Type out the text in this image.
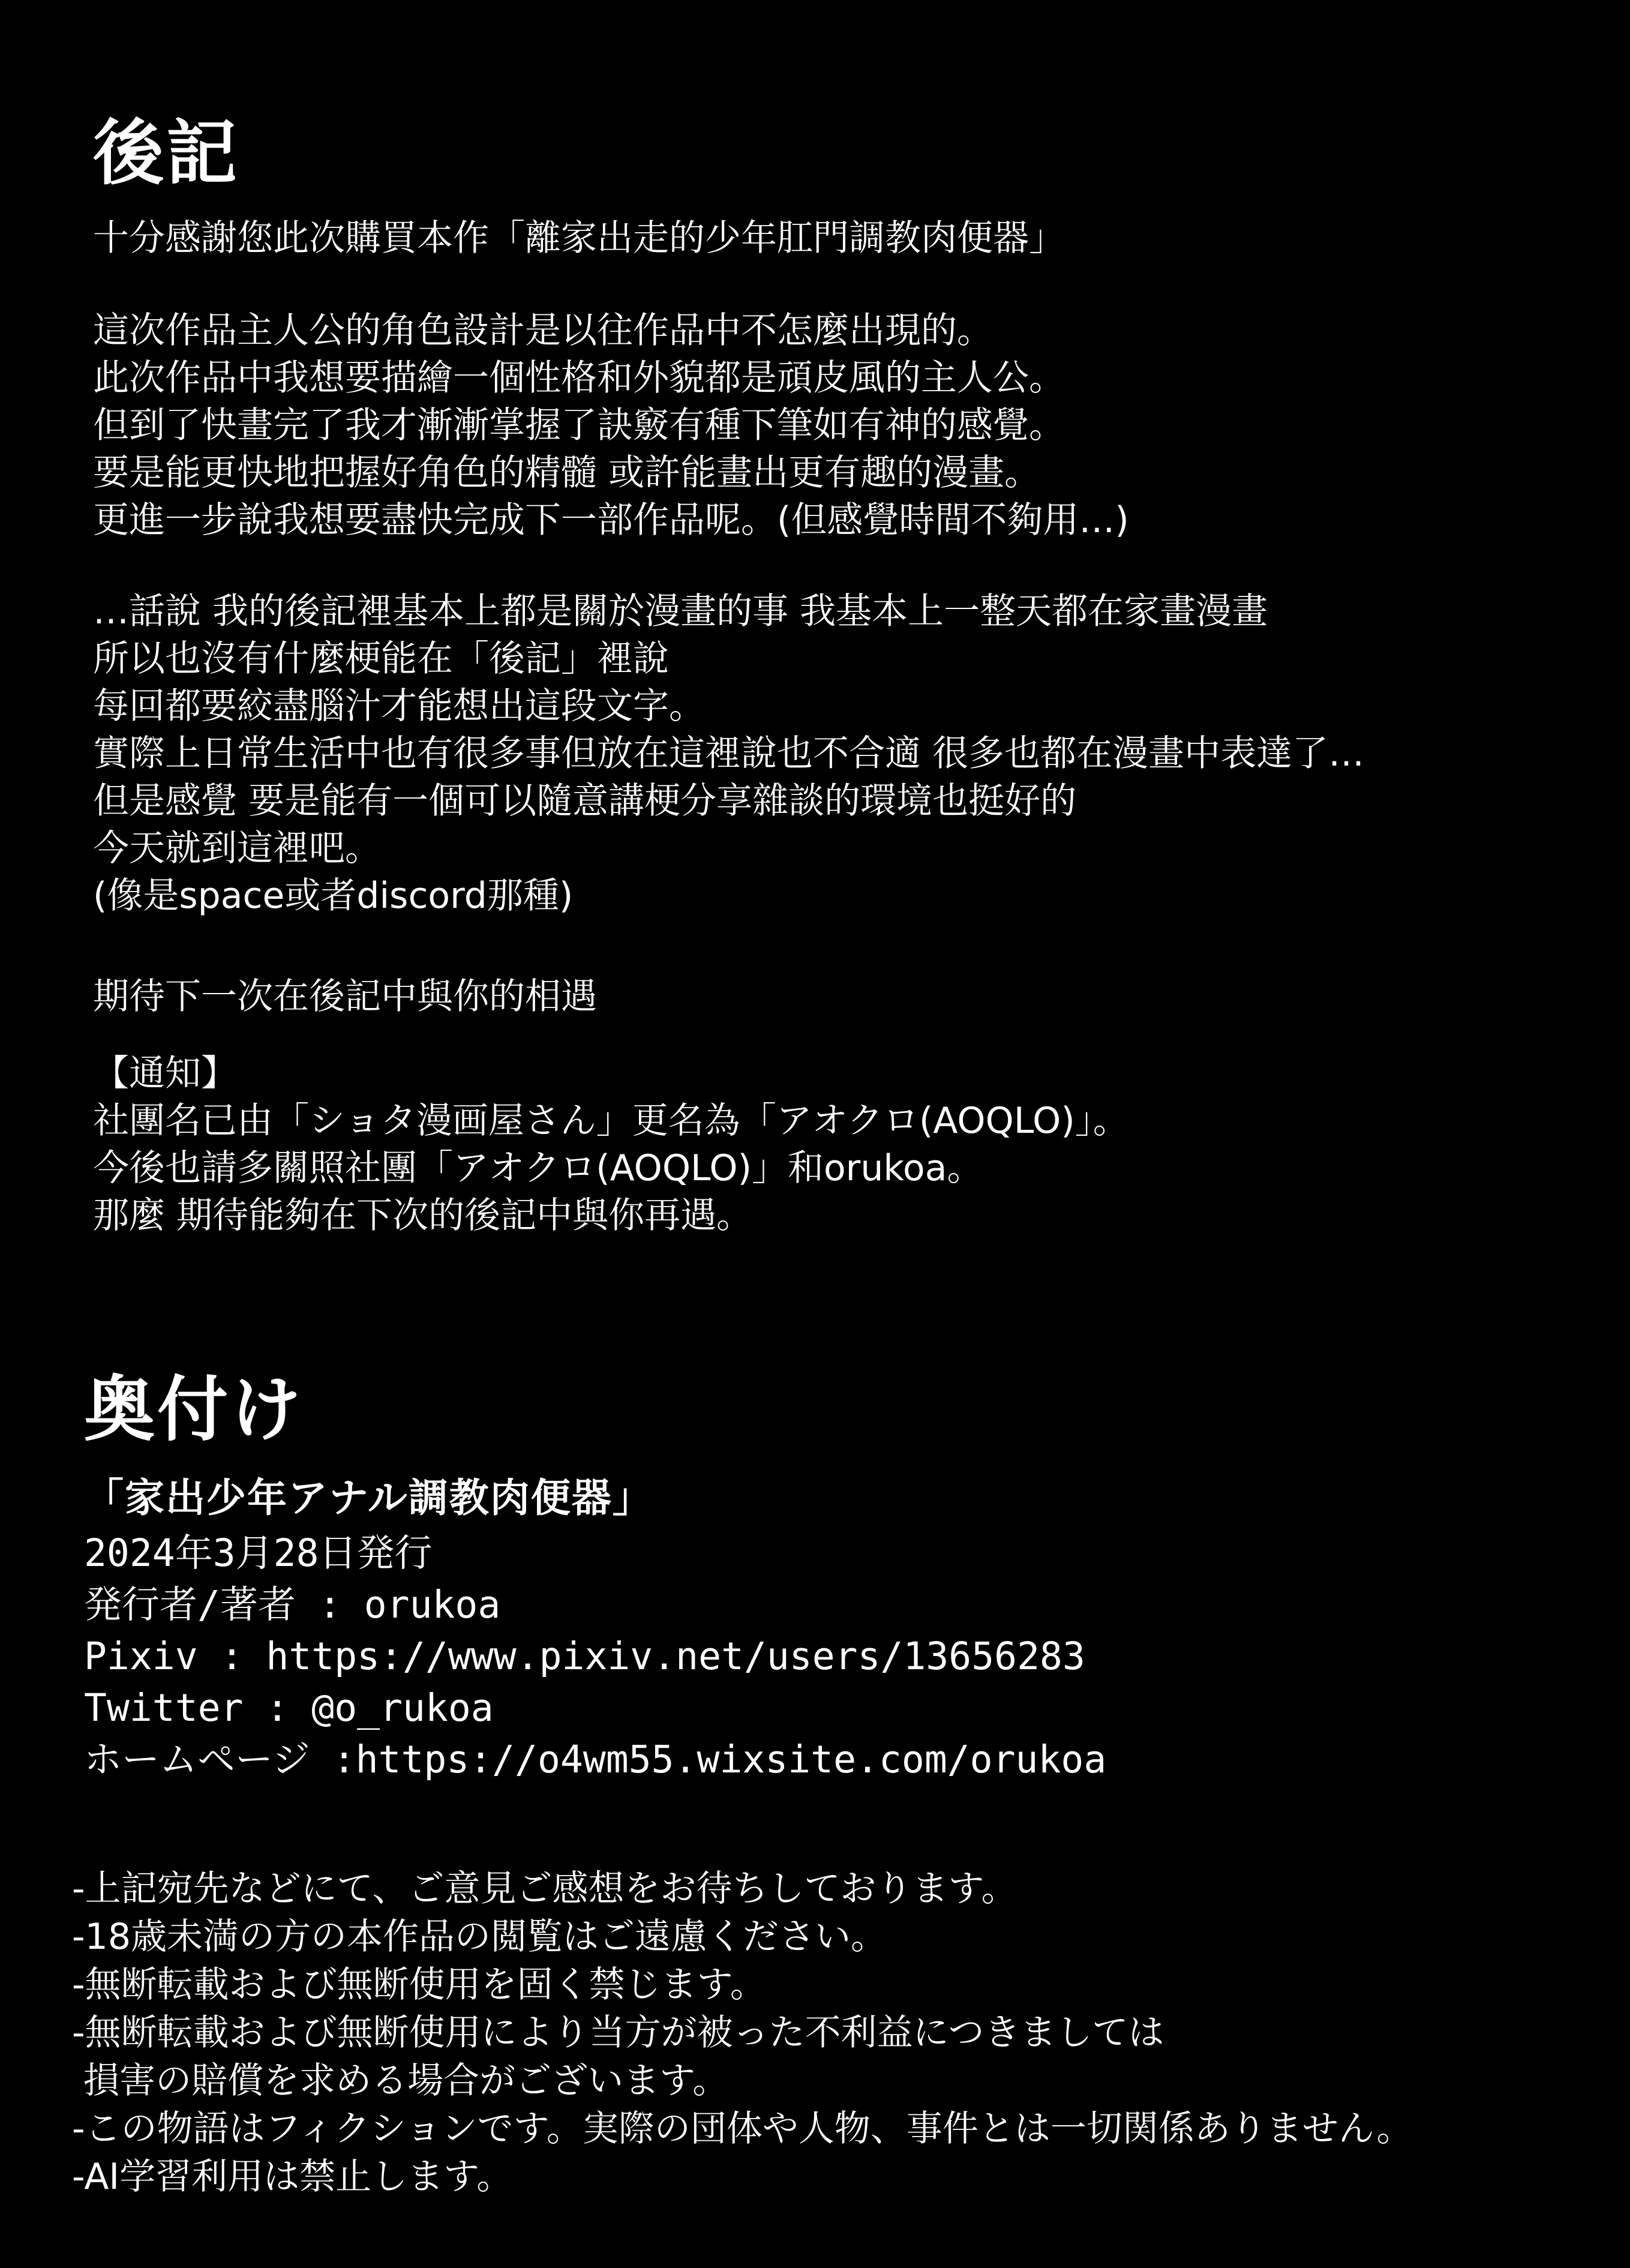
後記

十分感謝您此次購買本作「離家出走的少年肛門調教肉便器」

這次作品主人公的角色設計是以往作品中不怎麼出現的。
此次作品中我想要描繪一個性格和外貌都是頑皮風的主人公。
但到了快畫完了我才漸漸掌握了訣竅有種下筆如有神的感覺。
要是能更快地把握好角色的精髓 或許能畫出更有趣的漫畫。
更進一步說我想要盡快完成下一部作品呢。(但感覺時間不夠用…)

…話說 我的後記裡基本上都是關於漫畫的事 我基本上一整天都在家畫漫畫
所以也沒有什麼梗能在「後記」裡說
每回都要絞盡腦汁才能想出這段文字。
實際上日常生活中也有很多事但放在這裡說也不合適 很多也都在漫畫中表達了…
但是感覺 要是能有一個可以隨意講梗分享雜談的環境也挺好的
今天就到這裡吧。
(像是space或者discord那種)

期待下一次在後記中與你的相遇

【通知】
社團名已由「ショタ漫画屋さん」更名為「アオクロ(AOQLO)」。
今後也請多關照社團「アオクロ(AOQLO)」和orukoa。
那麼 期待能夠在下次的後記中與你再遇。

奥付け
「家出少年アナル調教肉便器」
2024年3月28日発行
発行者/著者 : orukoa
Pixiv : https://www.pixiv.net/users/13656283
Twitter : @o_rukoa
ホームページ :https://o4wm55.wixsite.com/orukoa
-上記宛先などにて、ご意見ご感想をお待ちしております。
-18歳未満の方の本作品の閲覧はご遠慮ください。
-無断転載および無断使用を固く禁じます。
-無断転載および無断使用により当方が被った不利益につきましては
損害の賠償を求める場合がございます。
-この物語はフィクションです。実際の団体や人物、事件とは一切関係ありません。
-AI学習利用は禁止します。
